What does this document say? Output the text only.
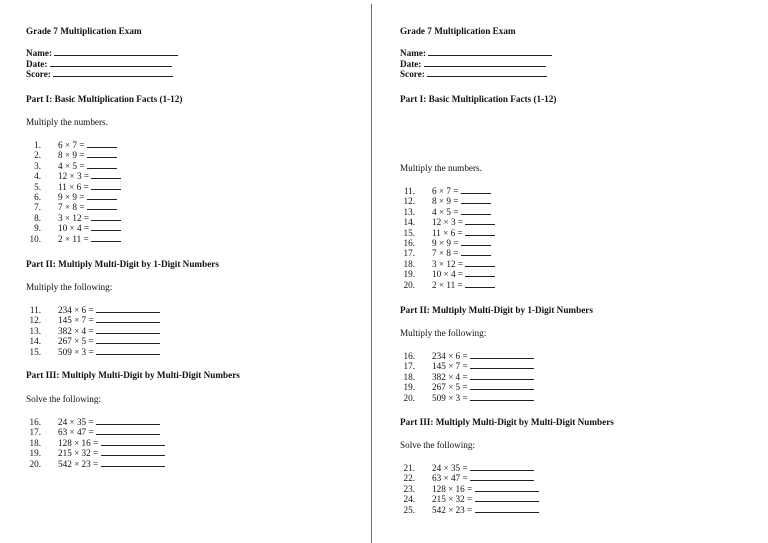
Grade 7 Multiplication Exam
Name:
Date:
Score:
Part I: Basic Multiplication Facts (1-12)
Multiply the numbers.
1. 6 × 7 =
2. 8 × 9 =
3. 4 × 5 =
4. 12 × 3 =
5. 11 × 6 =
6. 9 × 9 =
7. 7 × 8 =
8. 3 × 12 =
9. 10 × 4 =
10. 2 × 11 =
Part II: Multiply Multi-Digit by 1-Digit Numbers
Multiply the following:
11. 234 × 6 =
12. 145 × 7 =
13. 382 × 4 =
14. 267 × 5 =
15. 509 × 3 =
Part III: Multiply Multi-Digit by Multi-Digit Numbers
Solve the following:
16. 24 × 35 =
17. 63 × 47 =
18. 128 × 16 =
19. 215 × 32 =
20. 542 × 23 =
Grade 7 Multiplication Exam
Name:
Date:
Score:
Part I: Basic Multiplication Facts (1-12)
Multiply the numbers.
11. 6 × 7 =
12. 8 × 9 =
13. 4 × 5 =
14. 12 × 3 =
15. 11 × 6 =
16. 9 × 9 =
17. 7 × 8 =
18. 3 × 12 =
19. 10 × 4 =
20. 2 × 11 =
Part II: Multiply Multi-Digit by 1-Digit Numbers
Multiply the following:
16. 234 × 6 =
17. 145 × 7 =
18. 382 × 4 =
19. 267 × 5 =
20. 509 × 3 =
Part III: Multiply Multi-Digit by Multi-Digit Numbers
Solve the following:
21. 24 × 35 =
22. 63 × 47 =
23. 128 × 16 =
24. 215 × 32 =
25. 542 × 23 =
